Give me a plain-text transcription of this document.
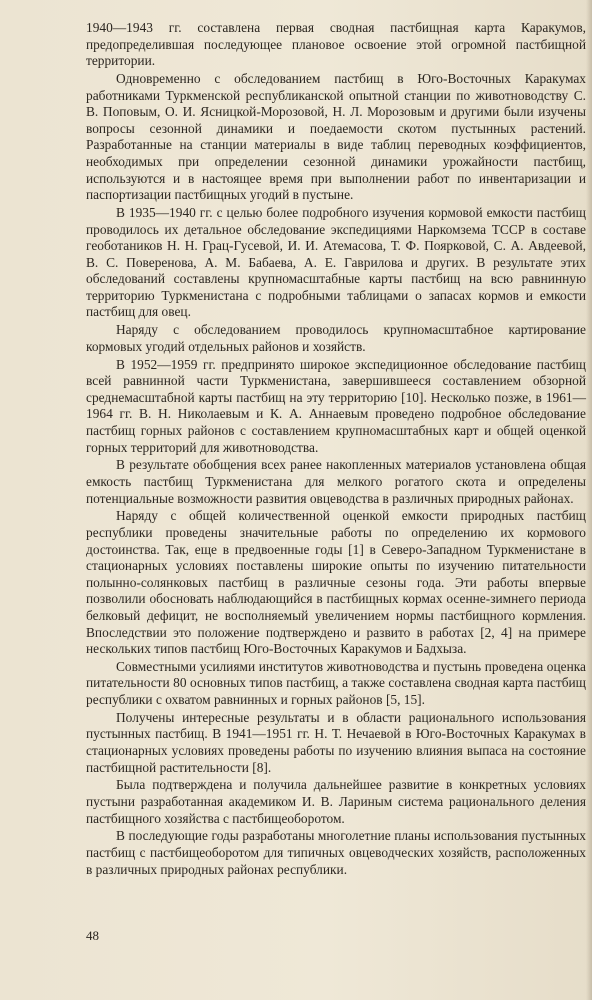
1940—1943 гг. составлена первая сводная пастбищная карта Каракумов, предопределившая последующее плановое освоение этой огромной пастбищной территории.

Одновременно с обследованием пастбищ в Юго-Восточных Каракумах работниками Туркменской республиканской опытной станции по животноводству С. В. Поповым, О. И. Ясницкой-Морозовой, Н. Л. Морозовым и другими были изучены вопросы сезонной динамики и поедаемости скотом пустынных растений. Разработанные на станции материалы в виде таблиц переводных коэффициентов, необходимых при определении сезонной динамики урожайности пастбищ, используются и в настоящее время при выполнении работ по инвентаризации и паспортизации пастбищных угодий в пустыне.

В 1935—1940 гг. с целью более подробного изучения кормовой емкости пастбищ проводилось их детальное обследование экспедициями Наркомзема ТССР в составе геоботаников Н. Н. Грац-Гусевой, И. И. Атемасова, Т. Ф. Поярковой, С. А. Авдеевой, В. С. Поверенова, А. М. Бабаева, А. Е. Гаврилова и других. В результате этих обследований составлены крупномасштабные карты пастбищ на всю равнинную территорию Туркменистана с подробными таблицами о запасах кормов и емкости пастбищ для овец.

Наряду с обследованием проводилось крупномасштабное картирование кормовых угодий отдельных районов и хозяйств.

В 1952—1959 гг. предпринято широкое экспедиционное обследование пастбищ всей равнинной части Туркменистана, завершившееся составлением обзорной среднемасштабной карты пастбищ на эту территорию [10]. Несколько позже, в 1961—1964 гг. В. Н. Николаевым и К. А. Аннаевым проведено подробное обследование пастбищ горных районов с составлением крупномасштабных карт и общей оценкой горных территорий для животноводства.

В результате обобщения всех ранее накопленных материалов установлена общая емкость пастбищ Туркменистана для мелкого рогатого скота и определены потенциальные возможности развития овцеводства в различных природных районах.

Наряду с общей количественной оценкой емкости природных пастбищ республики проведены значительные работы по определению их кормового достоинства. Так, еще в предвоенные годы [1] в Северо-Западном Туркменистане в стационарных условиях поставлены широкие опыты по изучению питательности полынно-солянковых пастбищ в различные сезоны года. Эти работы впервые позволили обосновать наблюдающийся в пастбищных кормах осенне-зимнего периода белковый дефицит, не восполняемый увеличением нормы пастбищного кормления. Впоследствии это положение подтверждено и развито в работах [2, 4] на примере нескольких типов пастбищ Юго-Восточных Каракумов и Бадхыза.

Совместными усилиями институтов животноводства и пустынь проведена оценка питательности 80 основных типов пастбищ, а также составлена сводная карта пастбищ республики с охватом равнинных и горных районов [5, 15].

Получены интересные результаты и в области рационального использования пустынных пастбищ. В 1941—1951 гг. Н. Т. Нечаевой в Юго-Восточных Каракумах в стационарных условиях проведены работы по изучению влияния выпаса на состояние пастбищной растительности [8].

Была подтверждена и получила дальнейшее развитие в конкретных условиях пустыни разработанная академиком И. В. Лариным система рационального деления пастбищного хозяйства с пастбищеоборотом.

В последующие годы разработаны многолетние планы использования пустынных пастбищ с пастбищеоборотом для типичных овцеводческих хозяйств, расположенных в различных природных районах республики.

48
